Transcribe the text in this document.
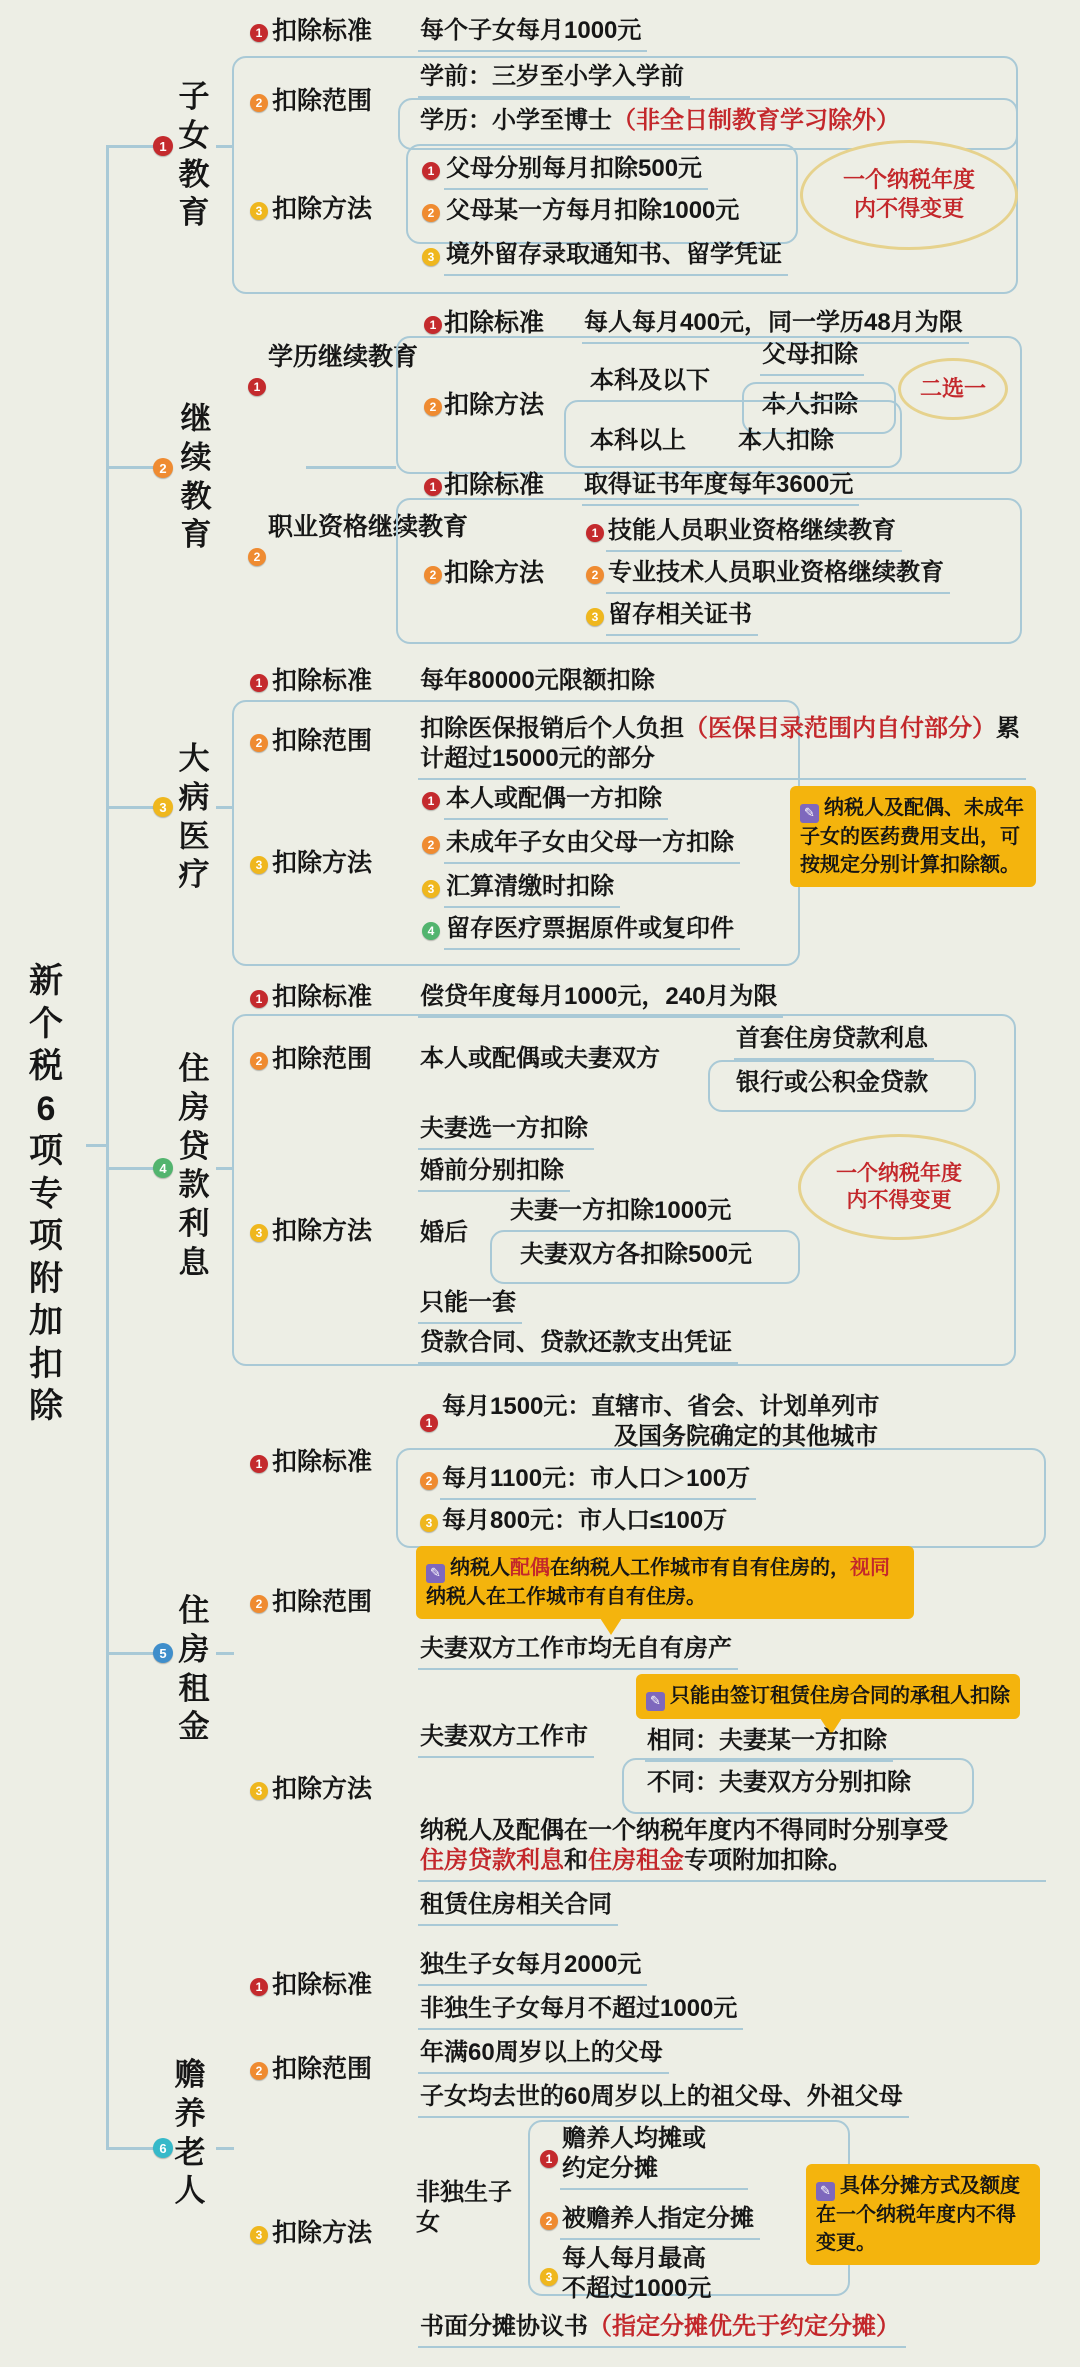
新个税6项专项附加扣除
1
子女教育
1 扣除标准 每个子女每月1000元
2 扣除范围
学前：三岁至小学入学前
学历：小学至博士（非全日制教育学习除外）
3 扣除方法
1 父母分别每月扣除500元
2 父母某一方每月扣除1000元
一个纳税年度
内不得变更
3 境外留存录取通知书、留学凭证
2
继续教育
1
学历继续教育
1 扣除标准 每人每月400元，同一学历48月为限
2 扣除方法
本科及以下
父母扣除
本人扣除
二选一
本科以上 本人扣除
2
职业资格继续教育
1 扣除标准 取得证书年度每年3600元
1 技能人员职业资格继续教育
2 扣除方法	2 专业技术人员职业资格继续教育
3 留存相关证书
3
大病医疗
1 扣除标准 每年80000元限额扣除
2 扣除范围 扣除医保报销后个人负担（医保目录范围内自付部分）累计超过15000元的部分
3 扣除方法
1 本人或配偶一方扣除
2 未成年子女由父母一方扣除
3 汇算清缴时扣除
4 留存医疗票据原件或复印件
✎ 纳税人及配偶、未成年子女的医药费用支出，可按规定分别计算扣除额。
4
住房贷款利息
1 扣除标准 偿贷年度每月1000元，240月为限
2 扣除范围 本人或配偶或夫妻双方
首套住房贷款利息
银行或公积金贷款
夫妻选一方扣除
婚前分别扣除
3 扣除方法 婚后
夫妻一方扣除1000元
夫妻双方各扣除500元
一个纳税年度
内不得变更
只能一套
贷款合同、贷款还款支出凭证
5
住房租金
1
每月1500元：直辖市、省会、计划单列市
及国务院确定的其他城市
1 扣除标准
2 每月1100元：市人口＞100万
3 每月800元：市人口≤100万
✎ 纳税人配偶在纳税人工作城市有自有住房的，视同纳税人在工作城市有自有住房。
2 扣除范围
夫妻双方工作市均无自有房产
✎ 只能由签订租赁住房合同的承租人扣除
夫妻双方工作市 相同：夫妻某一方扣除
不同：夫妻双方分别扣除
3 扣除方法
纳税人及配偶在一个纳税年度内不得同时分别享受
住房贷款利息和住房租金专项附加扣除。
租赁住房相关合同
6
赡养老人
独生子女每月2000元
1 扣除标准
非独生子女每月不超过1000元
年满60周岁以上的父母
2 扣除范围
子女均去世的60周岁以上的祖父母、外祖父母
非独生子女
1
赡养人均摊或
约定分摊
2 被赡养人指定分摊
3
每人每月最高
不超过1000元
✎ 具体分摊方式及额度在一个纳税年度内不得变更。
3 扣除方法
书面分摊协议书（指定分摊优先于约定分摊）
